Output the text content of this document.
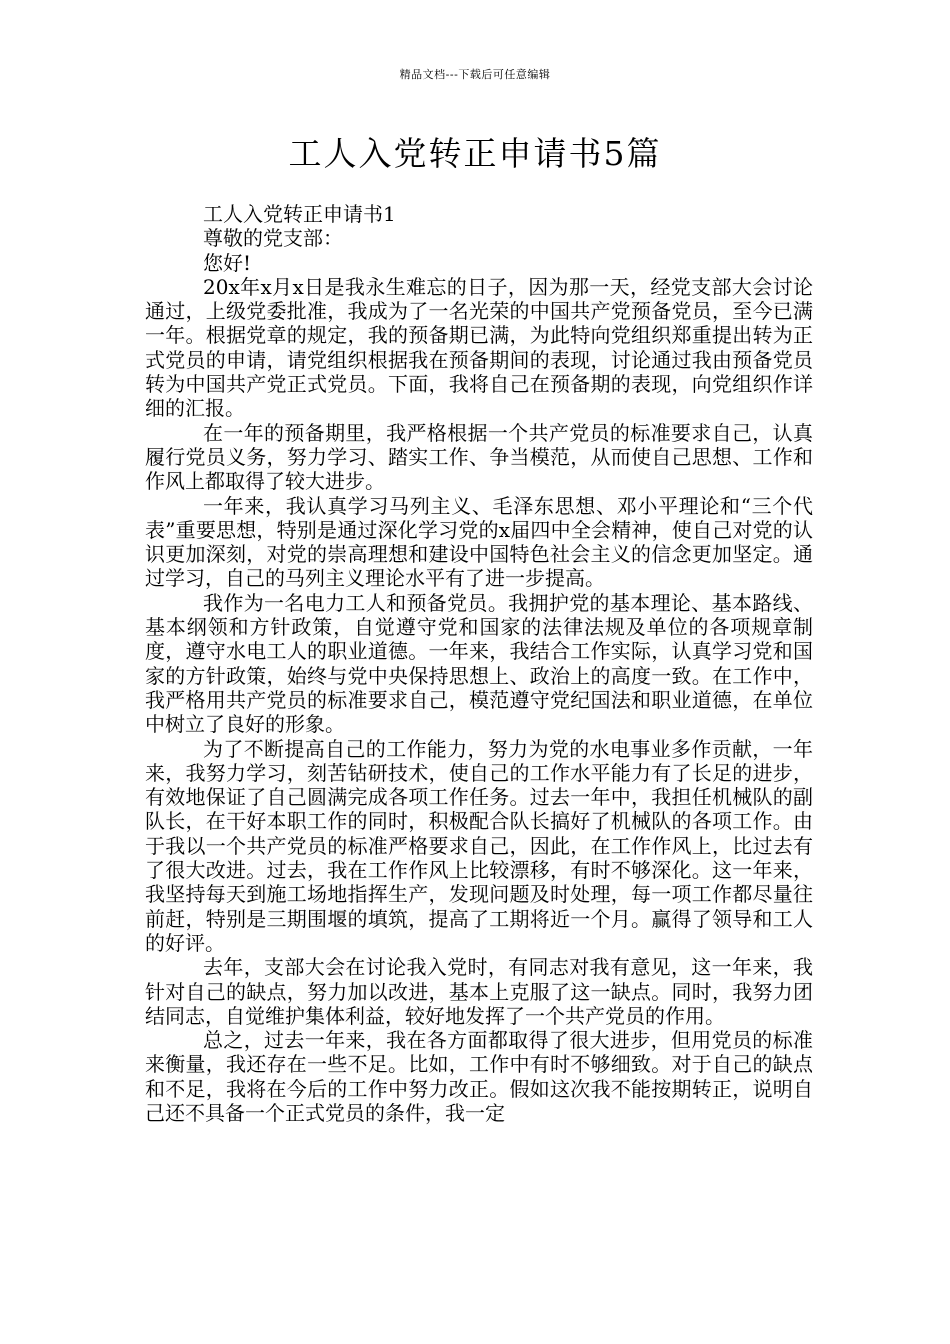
精品文档---下载后可任意编辑
工人入党转正申请书5篇

工人入党转正申请书1

尊敬的党支部：

您好!

20x年x月x日是我永生难忘的日子，因为那一天，经党支部大会讨论通过，上级党委批准，我成为了一名光荣的中国共产党预备党员，至今已满一年。根据党章的规定，我的预备期已满，为此特向党组织郑重提出转为正式党员的申请，请党组织根据我在预备期间的表现，讨论通过我由预备党员转为中国共产党正式党员。下面，我将自己在预备期的表现，向党组织作详细的汇报。

在一年的预备期里，我严格根据一个共产党员的标准要求自己，认真履行党员义务，努力学习、踏实工作、争当模范，从而使自己思想、工作和作风上都取得了较大进步。

一年来，我认真学习马列主义、毛泽东思想、邓小平理论和“三个代表”重要思想，特别是通过深化学习党的x届四中全会精神，使自己对党的认识更加深刻，对党的崇高理想和建设中国特色社会主义的信念更加坚定。通过学习，自己的马列主义理论水平有了进一步提高。

我作为一名电力工人和预备党员。我拥护党的基本理论、基本路线、基本纲领和方针政策，自觉遵守党和国家的法律法规及单位的各项规章制度，遵守水电工人的职业道德。一年来，我结合工作实际，认真学习党和国家的方针政策，始终与党中央保持思想上、政治上的高度一致。在工作中，我严格用共产党员的标准要求自己，模范遵守党纪国法和职业道德，在单位中树立了良好的形象。

为了不断提高自己的工作能力，努力为党的水电事业多作贡献，一年来，我努力学习，刻苦钻研技术，使自己的工作水平能力有了长足的进步，有效地保证了自己圆满完成各项工作任务。过去一年中，我担任机械队的副队长，在干好本职工作的同时，积极配合队长搞好了机械队的各项工作。由于我以一个共产党员的标准严格要求自己，因此，在工作作风上，比过去有了很大改进。过去，我在工作作风上比较漂移，有时不够深化。这一年来，我坚持每天到施工场地指挥生产，发现问题及时处理，每一项工作都尽量往前赶，特别是三期围堰的填筑，提高了工期将近一个月。赢得了领导和工人的好评。

去年，支部大会在讨论我入党时，有同志对我有意见，这一年来，我针对自己的缺点，努力加以改进，基本上克服了这一缺点。同时，我努力团结同志，自觉维护集体利益，较好地发挥了一个共产党员的作用。

总之，过去一年来，我在各方面都取得了很大进步，但用党员的标准来衡量，我还存在一些不足。比如，工作中有时不够细致。对于自己的缺点和不足，我将在今后的工作中努力改正。假如这次我不能按期转正，说明自己还不具备一个正式党员的条件，我一定
